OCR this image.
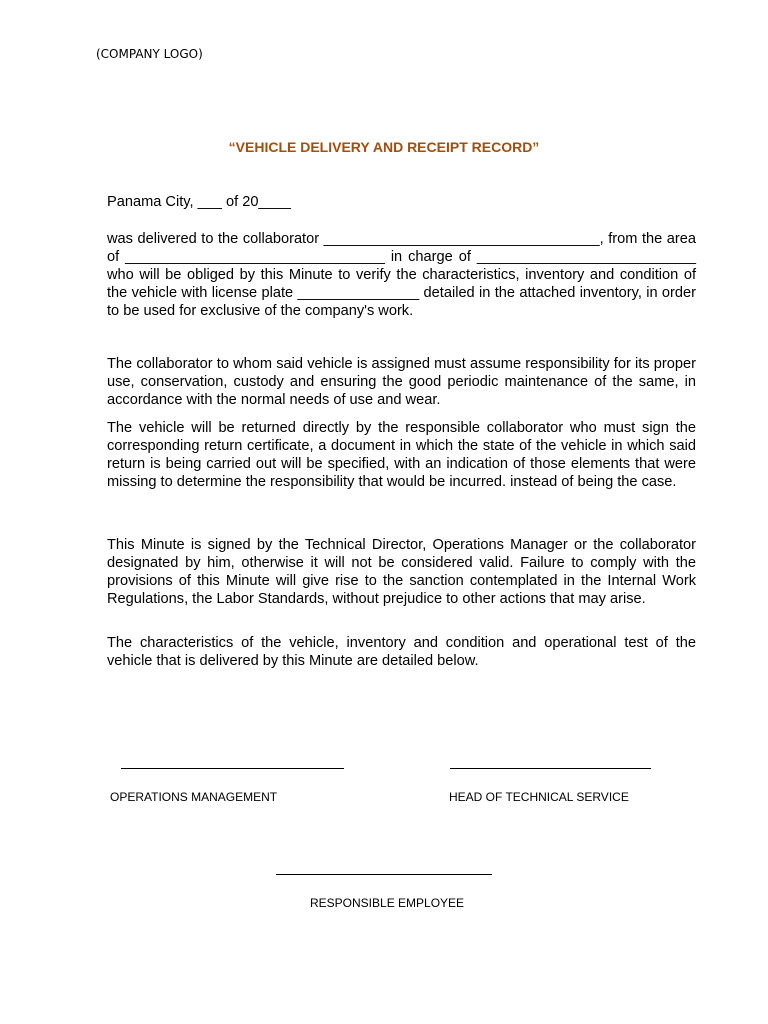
(COMPANY LOGO)
“VEHICLE DELIVERY AND RECEIPT RECORD”
Panama City, ___ of 20____
was delivered to the collaborator __________________________________, from the area of ________________________________ in charge of ___________________________ who will be obliged by this Minute to verify the characteristics, inventory and condition of the vehicle with license plate _______________ detailed in the attached inventory, in order to be used for exclusive of the company's work.
The collaborator to whom said vehicle is assigned must assume responsibility for its proper use, conservation, custody and ensuring the good periodic maintenance of the same, in accordance with the normal needs of use and wear.
The vehicle will be returned directly by the responsible collaborator who must sign the corresponding return certificate, a document in which the state of the vehicle in which said return is being carried out will be specified, with an indication of those elements that were missing to determine the responsibility that would be incurred. instead of being the case.
This Minute is signed by the Technical Director, Operations Manager or the collaborator designated by him, otherwise it will not be considered valid. Failure to comply with the provisions of this Minute will give rise to the sanction contemplated in the Internal Work Regulations, the Labor Standards, without prejudice to other actions that may arise.
The characteristics of the vehicle, inventory and condition and operational test of the vehicle that is delivered by this Minute are detailed below.
OPERATIONS MANAGEMENT	HEAD OF TECHNICAL SERVICE
RESPONSIBLE EMPLOYEE
